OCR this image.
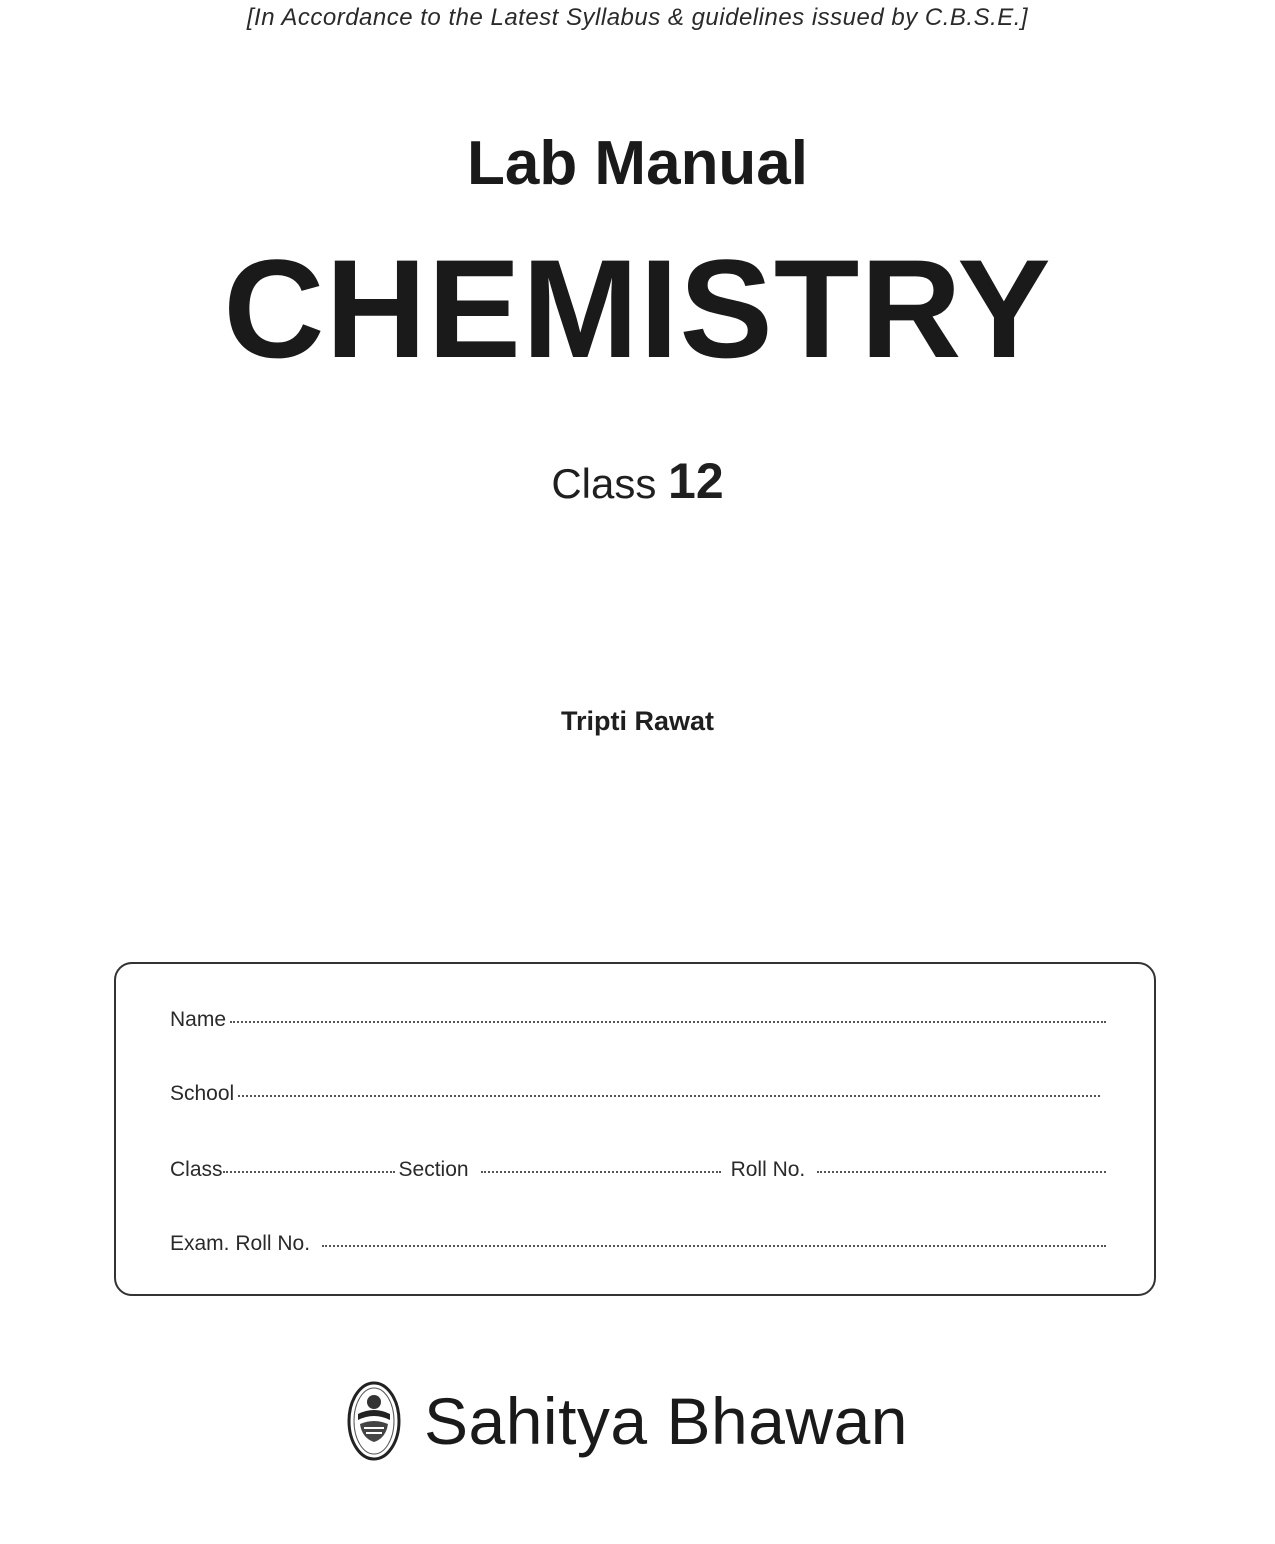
[In Accordance to the Latest Syllabus & guidelines issued by C.B.S.E.]
Lab Manual
CHEMISTRY
Class 12
Tripti Rawat
Name
School
Class	Section	Roll No.
Exam. Roll No.
Sahitya Bhawan
